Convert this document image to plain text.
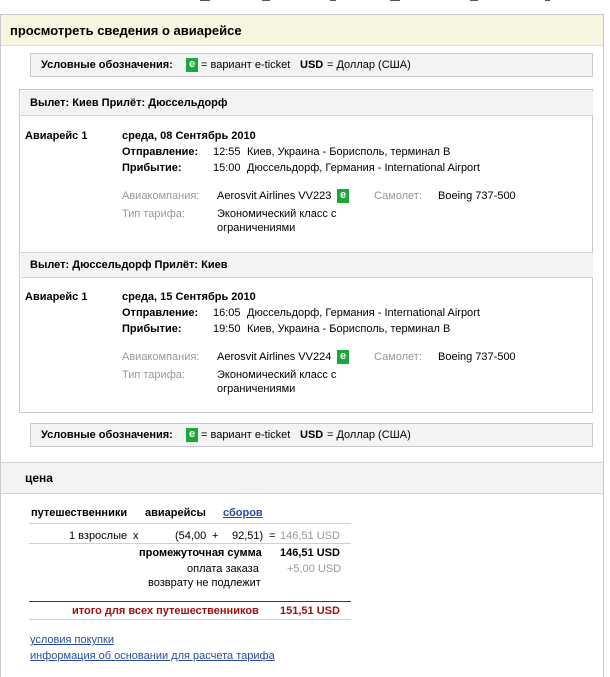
просмотреть сведения о авиарейсе
Условные обозначения: e = вариант e-ticket USD = Доллар (США)
Вылет: Киев Прилёт: Дюссельдорф
Авиарейс 1	среда, 08 Сентябрь 2010
Отправление: 12:55 Киев, Украина - Борисполь, терминал B
Прибытие:	15:00 Дюссельдорф, Германия - International Airport
Авиакомпания: Aerosvit Airlines VV223 e	Самолет: Boeing 737-500
Тип тарифа:	Экономический класс с
ограничениями
Вылет: Дюссельдорф Прилёт: Киев
Авиарейс 1	среда, 15 Сентябрь 2010
Отправление: 16:05 Дюссельдорф, Германия - International Airport
Прибытие:	19:50 Киев, Украина - Борисполь, терминал B
Авиакомпания: Aerosvit Airlines VV224 e	Самолет: Boeing 737-500
Тип тарифа:	Экономический класс с
ограничениями
Условные обозначения: e = вариант e-ticket USD = Доллар (США)
цена
путешественники авиарейсы сборов
1 взрослые x	(54,00 + 92,51) = 146,51 USD
промежуточная сумма 146,51 USD
оплата заказа	+5,00 USD
возврату не подлежит
итого для всех путешественников 151,51 USD
условия покупки
информация об основании для расчета тарифа
